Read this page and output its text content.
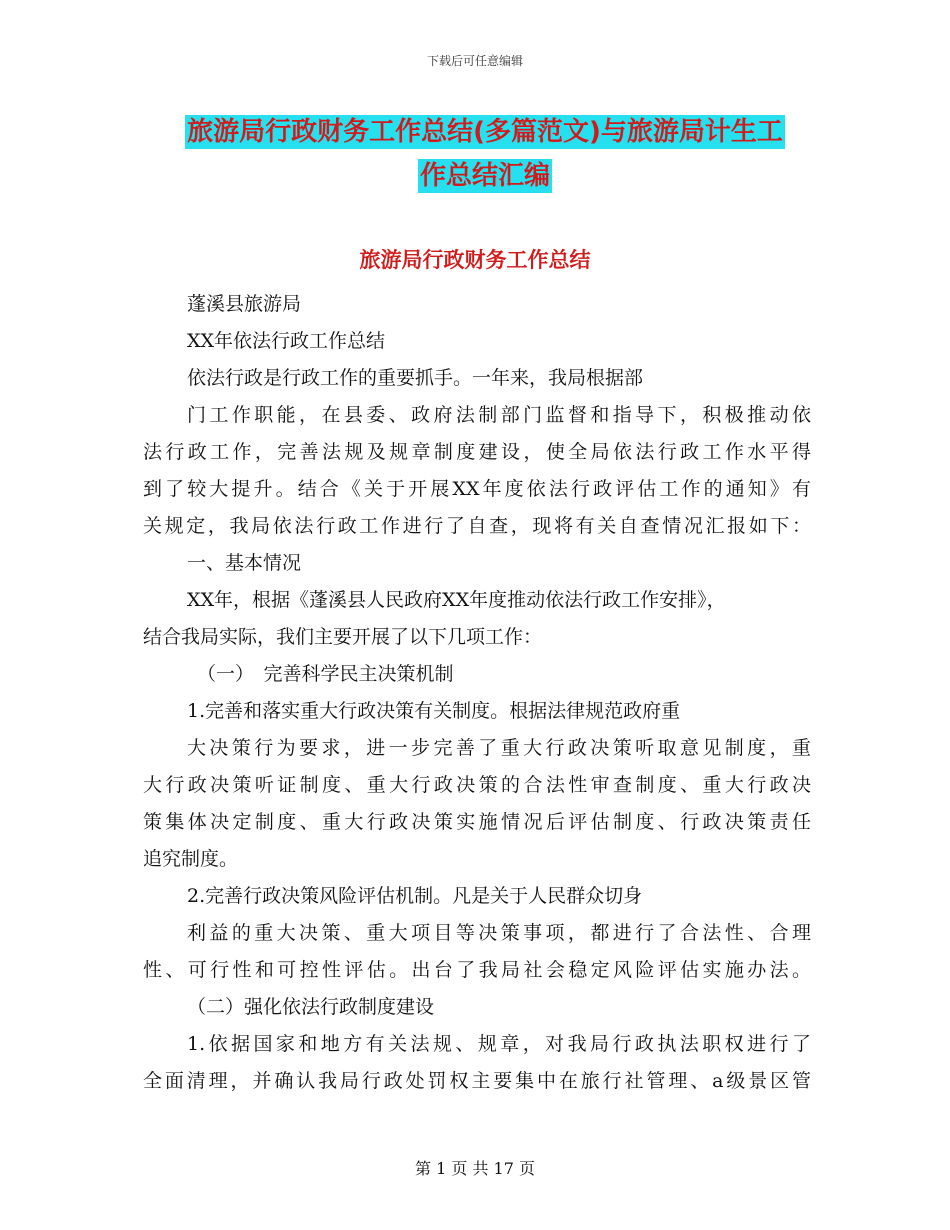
下载后可任意编辑
旅游局行政财务工作总结(多篇范文)与旅游局计生工
作总结汇编
旅游局行政财务工作总结

蓬溪县旅游局

XX年依法行政工作总结

依法行政是行政工作的重要抓手。一年来，我局根据部

门工作职能，在县委、政府法制部门监督和指导下，积极推动依

法行政工作，完善法规及规章制度建设，使全局依法行政工作水平得

到了较大提升。结合《关于开展XX年度依法行政评估工作的通知》有

关规定，我局依法行政工作进行了自查，现将有关自查情况汇报如下：

一、基本情况

XX年，根据《蓬溪县人民政府XX年度推动依法行政工作安排》，

结合我局实际，我们主要开展了以下几项工作：

（一）　完善科学民主决策机制

1.完善和落实重大行政决策有关制度。根据法律规范政府重

大决策行为要求，进一步完善了重大行政决策听取意见制度，重

大行政决策听证制度、重大行政决策的合法性审查制度、重大行政决

策集体决定制度、重大行政决策实施情况后评估制度、行政决策责任

追究制度。

2.完善行政决策风险评估机制。凡是关于人民群众切身

利益的重大决策、重大项目等决策事项，都进行了合法性、合理

性、可行性和可控性评估。出台了我局社会稳定风险评估实施办法。

（二）强化依法行政制度建设

1.依据国家和地方有关法规、规章，对我局行政执法职权进行了

全面清理，并确认我局行政处罚权主要集中在旅行社管理、a级景区管

第 1 页 共 17 页
